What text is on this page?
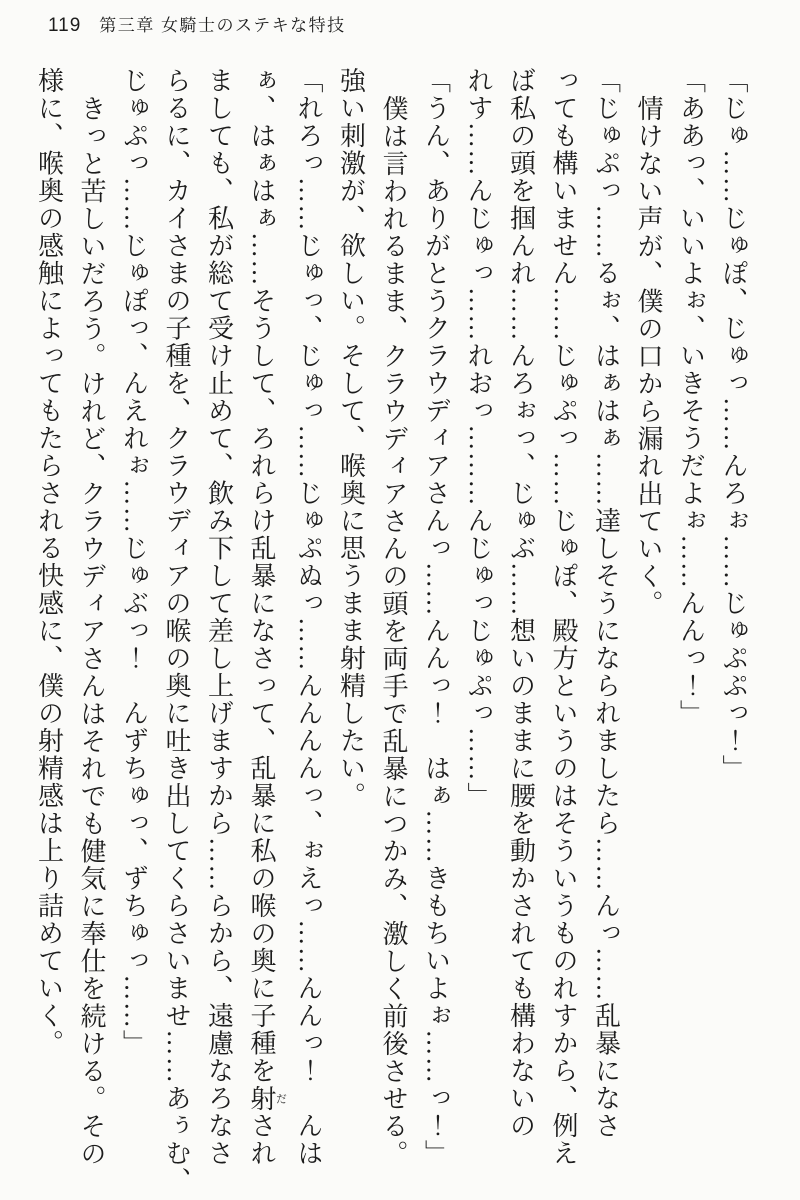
119 第三章 女騎士のステキな特技
「じゅ……じゅぽ、じゅっ……んろぉ……じゅぷぷっ！」
「ああっ、いいよぉ、いきそうだよぉ……んんっ！」
情けない声が、僕の口から漏れ出ていく。
「じゅぷっ……るぉ、はぁはぁ……達しそうになられましたら……んっ……乱暴になさ
っても構いません……じゅぷっ……じゅぽ、殿方というのはそういうものれすから、例え
ば私の頭を掴んれ……んろぉっ、じゅぶ……想いのままに腰を動かされても構わないの
れす……んじゅっ……れおっ………んじゅっじゅぷっ……」
「うん、ありがとうクラウディアさんっ……んんっ！　はぁ……きもちいよぉ……っ！」
僕は言われるまま、クラウディアさんの頭を両手で乱暴につかみ、激しく前後させる。
強い刺激が、欲しい。そして、喉奥に思うまま射精したい。
「れろっ……じゅっ、じゅっ……じゅぷぬっ……んんんんっ、ぉえっ……んんっ！　んは
ぁ、はぁはぁ……そうして、ろれらけ乱暴になさって、乱暴に私の喉の奥に子種を射だされ
ましても、私が総て受け止めて、飲み下して差し上げますから……らから、遠慮なろなさ
らるに、カイさまの子種を、クラウディアの喉の奥に吐き出してくらさいませ……あぅむ、
じゅぷっ……じゅぽっ、んえれぉ……じゅぶっ！　んずちゅっ、ずちゅっ……」
きっと苦しいだろう。けれど、クラウディアさんはそれでも健気に奉仕を続ける。その
様に、喉奥の感触によってもたらされる快感に、僕の射精感は上り詰めていく。
